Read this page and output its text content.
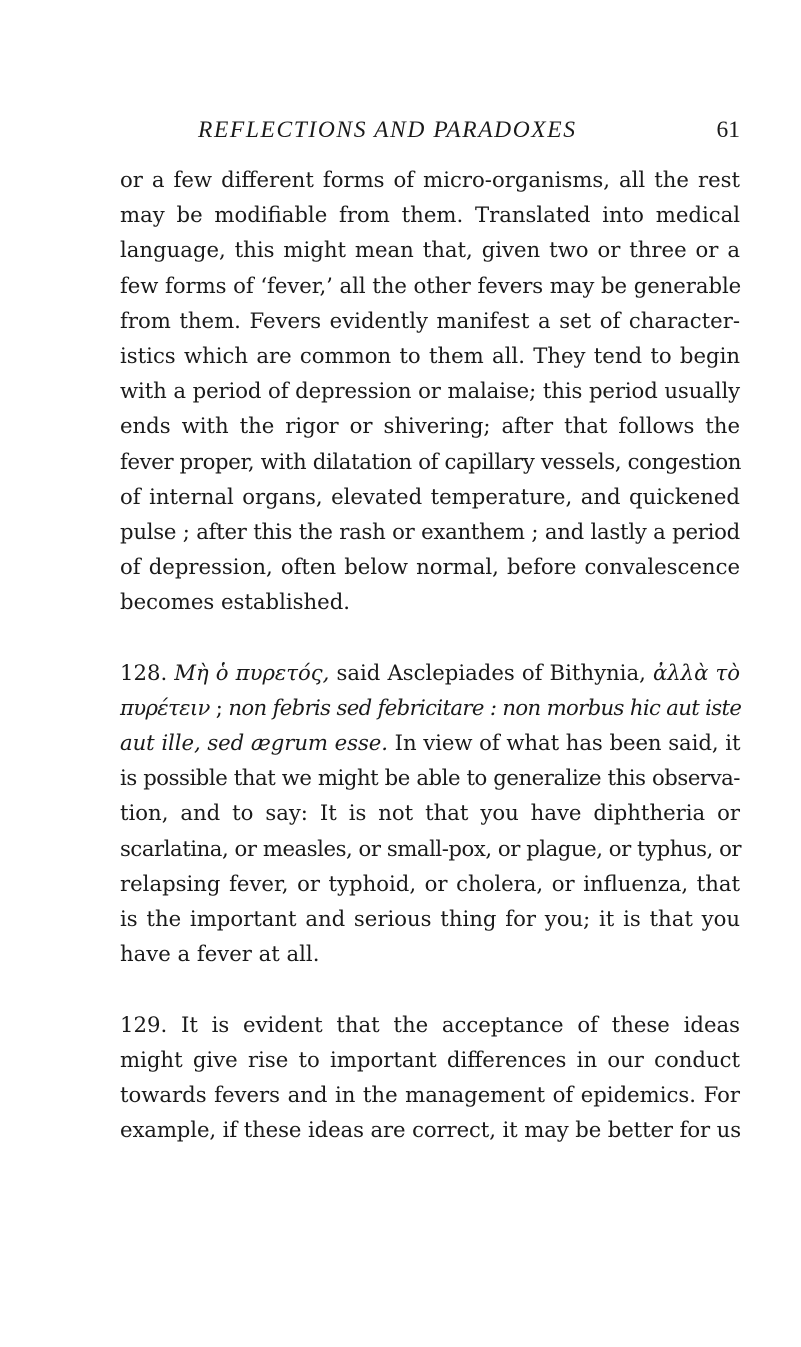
REFLECTIONS AND PARADOXES	61
or a few different forms of micro-organisms, all the rest
may be modifiable from them. Translated into medical
language, this might mean that, given two or three or a
few forms of ‘fever,’ all the other fevers may be generable
from them. Fevers evidently manifest a set of character-
istics which are common to them all. They tend to begin
with a period of depression or malaise; this period usually
ends with the rigor or shivering; after that follows the
fever proper, with dilatation of capillary vessels, congestion
of internal organs, elevated temperature, and quickened
pulse ; after this the rash or exanthem ; and lastly a period
of depression, often below normal, before convalescence
becomes established.
128. Mὴ ὁ πυρετός, said Asclepiades of Bithynia, ἀλλὰ τὸ
πυρέτειν ; non febris sed febricitare : non morbus hic aut iste
aut ille, sed ægrum esse. In view of what has been said, it
is possible that we might be able to generalize this observa-
tion, and to say: It is not that you have diphtheria or
scarlatina, or measles, or small-pox, or plague, or typhus, or
relapsing fever, or typhoid, or cholera, or influenza, that
is the important and serious thing for you; it is that you
have a fever at all.
129. It is evident that the acceptance of these ideas
might give rise to important differences in our conduct
towards fevers and in the management of epidemics. For
example, if these ideas are correct, it may be better for us
